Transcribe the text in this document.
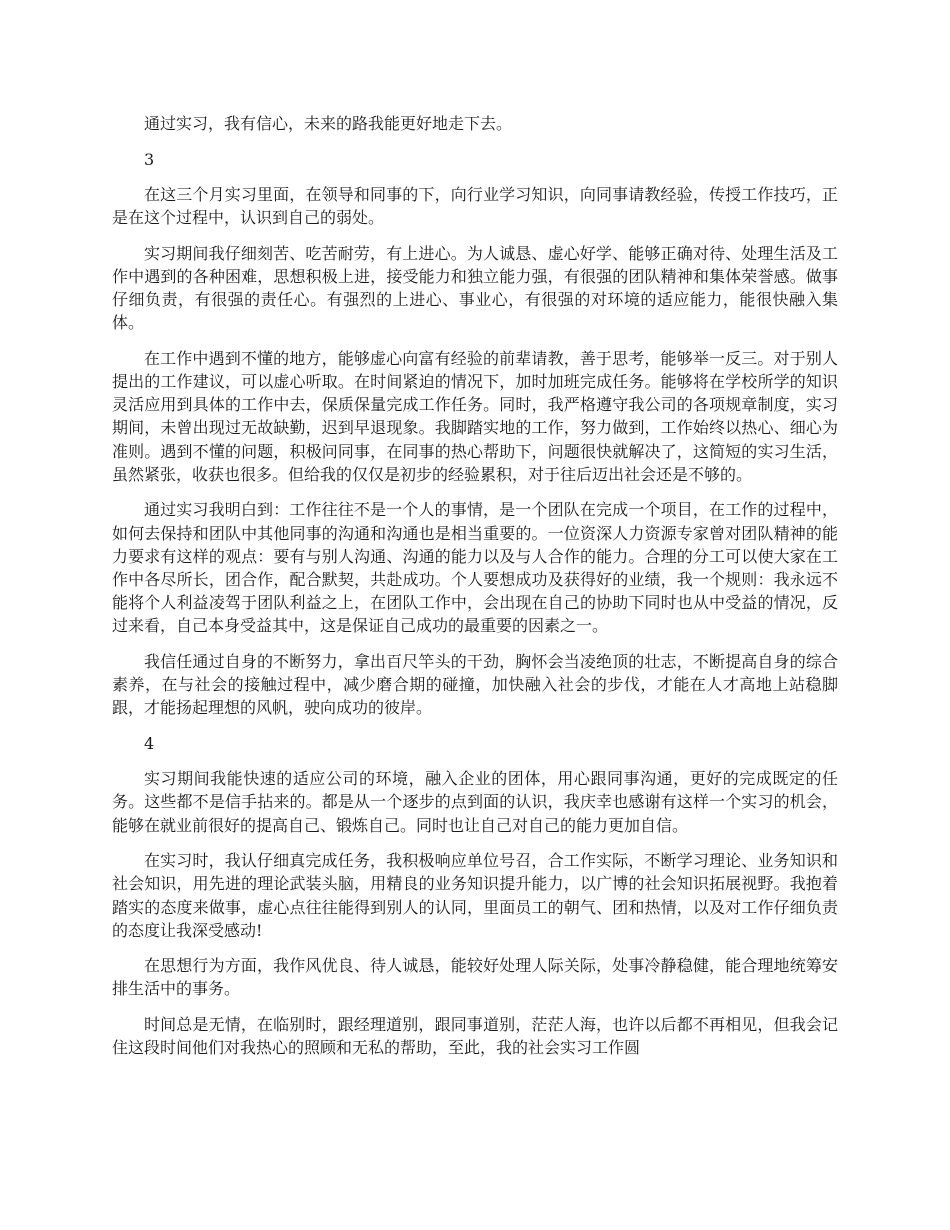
通过实习，我有信心，未来的路我能更好地走下去。

3

在这三个月实习里面，在领导和同事的下，向行业学习知识，向同事请教经验，传授工作技巧，正是在这个过程中，认识到自己的弱处。

实习期间我仔细刻苦、吃苦耐劳，有上进心。为人诚恳、虚心好学、能够正确对待、处理生活及工作中遇到的各种困难，思想积极上进，接受能力和独立能力强，有很强的团队精神和集体荣誉感。做事仔细负责，有很强的责任心。有强烈的上进心、事业心，有很强的对环境的适应能力，能很快融入集体。

在工作中遇到不懂的地方，能够虚心向富有经验的前辈请教，善于思考，能够举一反三。对于别人提出的工作建议，可以虚心听取。在时间紧迫的情况下，加时加班完成任务。能够将在学校所学的知识灵活应用到具体的工作中去，保质保量完成工作任务。同时，我严格遵守我公司的各项规章制度，实习期间，未曾出现过无故缺勤，迟到早退现象。我脚踏实地的工作，努力做到，工作始终以热心、细心为准则。遇到不懂的问题，积极问同事，在同事的热心帮助下，问题很快就解决了，这简短的实习生活，虽然紧张，收获也很多。但给我的仅仅是初步的经验累积，对于往后迈出社会还是不够的。

通过实习我明白到：工作往往不是一个人的事情，是一个团队在完成一个项目，在工作的过程中，如何去保持和团队中其他同事的沟通和沟通也是相当重要的。一位资深人力资源专家曾对团队精神的能力要求有这样的观点：要有与别人沟通、沟通的能力以及与人合作的能力。合理的分工可以使大家在工作中各尽所长，团合作，配合默契，共赴成功。个人要想成功及获得好的业绩，我一个规则：我永远不能将个人利益凌驾于团队利益之上，在团队工作中，会出现在自己的协助下同时也从中受益的情况，反过来看，自己本身受益其中，这是保证自己成功的最重要的因素之一。

我信任通过自身的不断努力，拿出百尺竿头的干劲，胸怀会当凌绝顶的壮志，不断提高自身的综合素养，在与社会的接触过程中，减少磨合期的碰撞，加快融入社会的步伐，才能在人才高地上站稳脚跟，才能扬起理想的风帆，驶向成功的彼岸。

4

实习期间我能快速的适应公司的环境，融入企业的团体，用心跟同事沟通，更好的完成既定的任务。这些都不是信手拈来的。都是从一个逐步的点到面的认识，我庆幸也感谢有这样一个实习的机会，能够在就业前很好的提高自己、锻炼自己。同时也让自己对自己的能力更加自信。

在实习时，我认仔细真完成任务，我积极响应单位号召，合工作实际，不断学习理论、业务知识和社会知识，用先进的理论武装头脑，用精良的业务知识提升能力，以广博的社会知识拓展视野。我抱着踏实的态度来做事，虚心点往往能得到别人的认同，里面员工的朝气、团和热情，以及对工作仔细负责的态度让我深受感动!

在思想行为方面，我作风优良、待人诚恳，能较好处理人际关际，处事冷静稳健，能合理地统筹安排生活中的事务。

时间总是无情，在临别时，跟经理道别，跟同事道别，茫茫人海，也许以后都不再相见，但我会记住这段时间他们对我热心的照顾和无私的帮助，至此，我的社会实习工作圆
